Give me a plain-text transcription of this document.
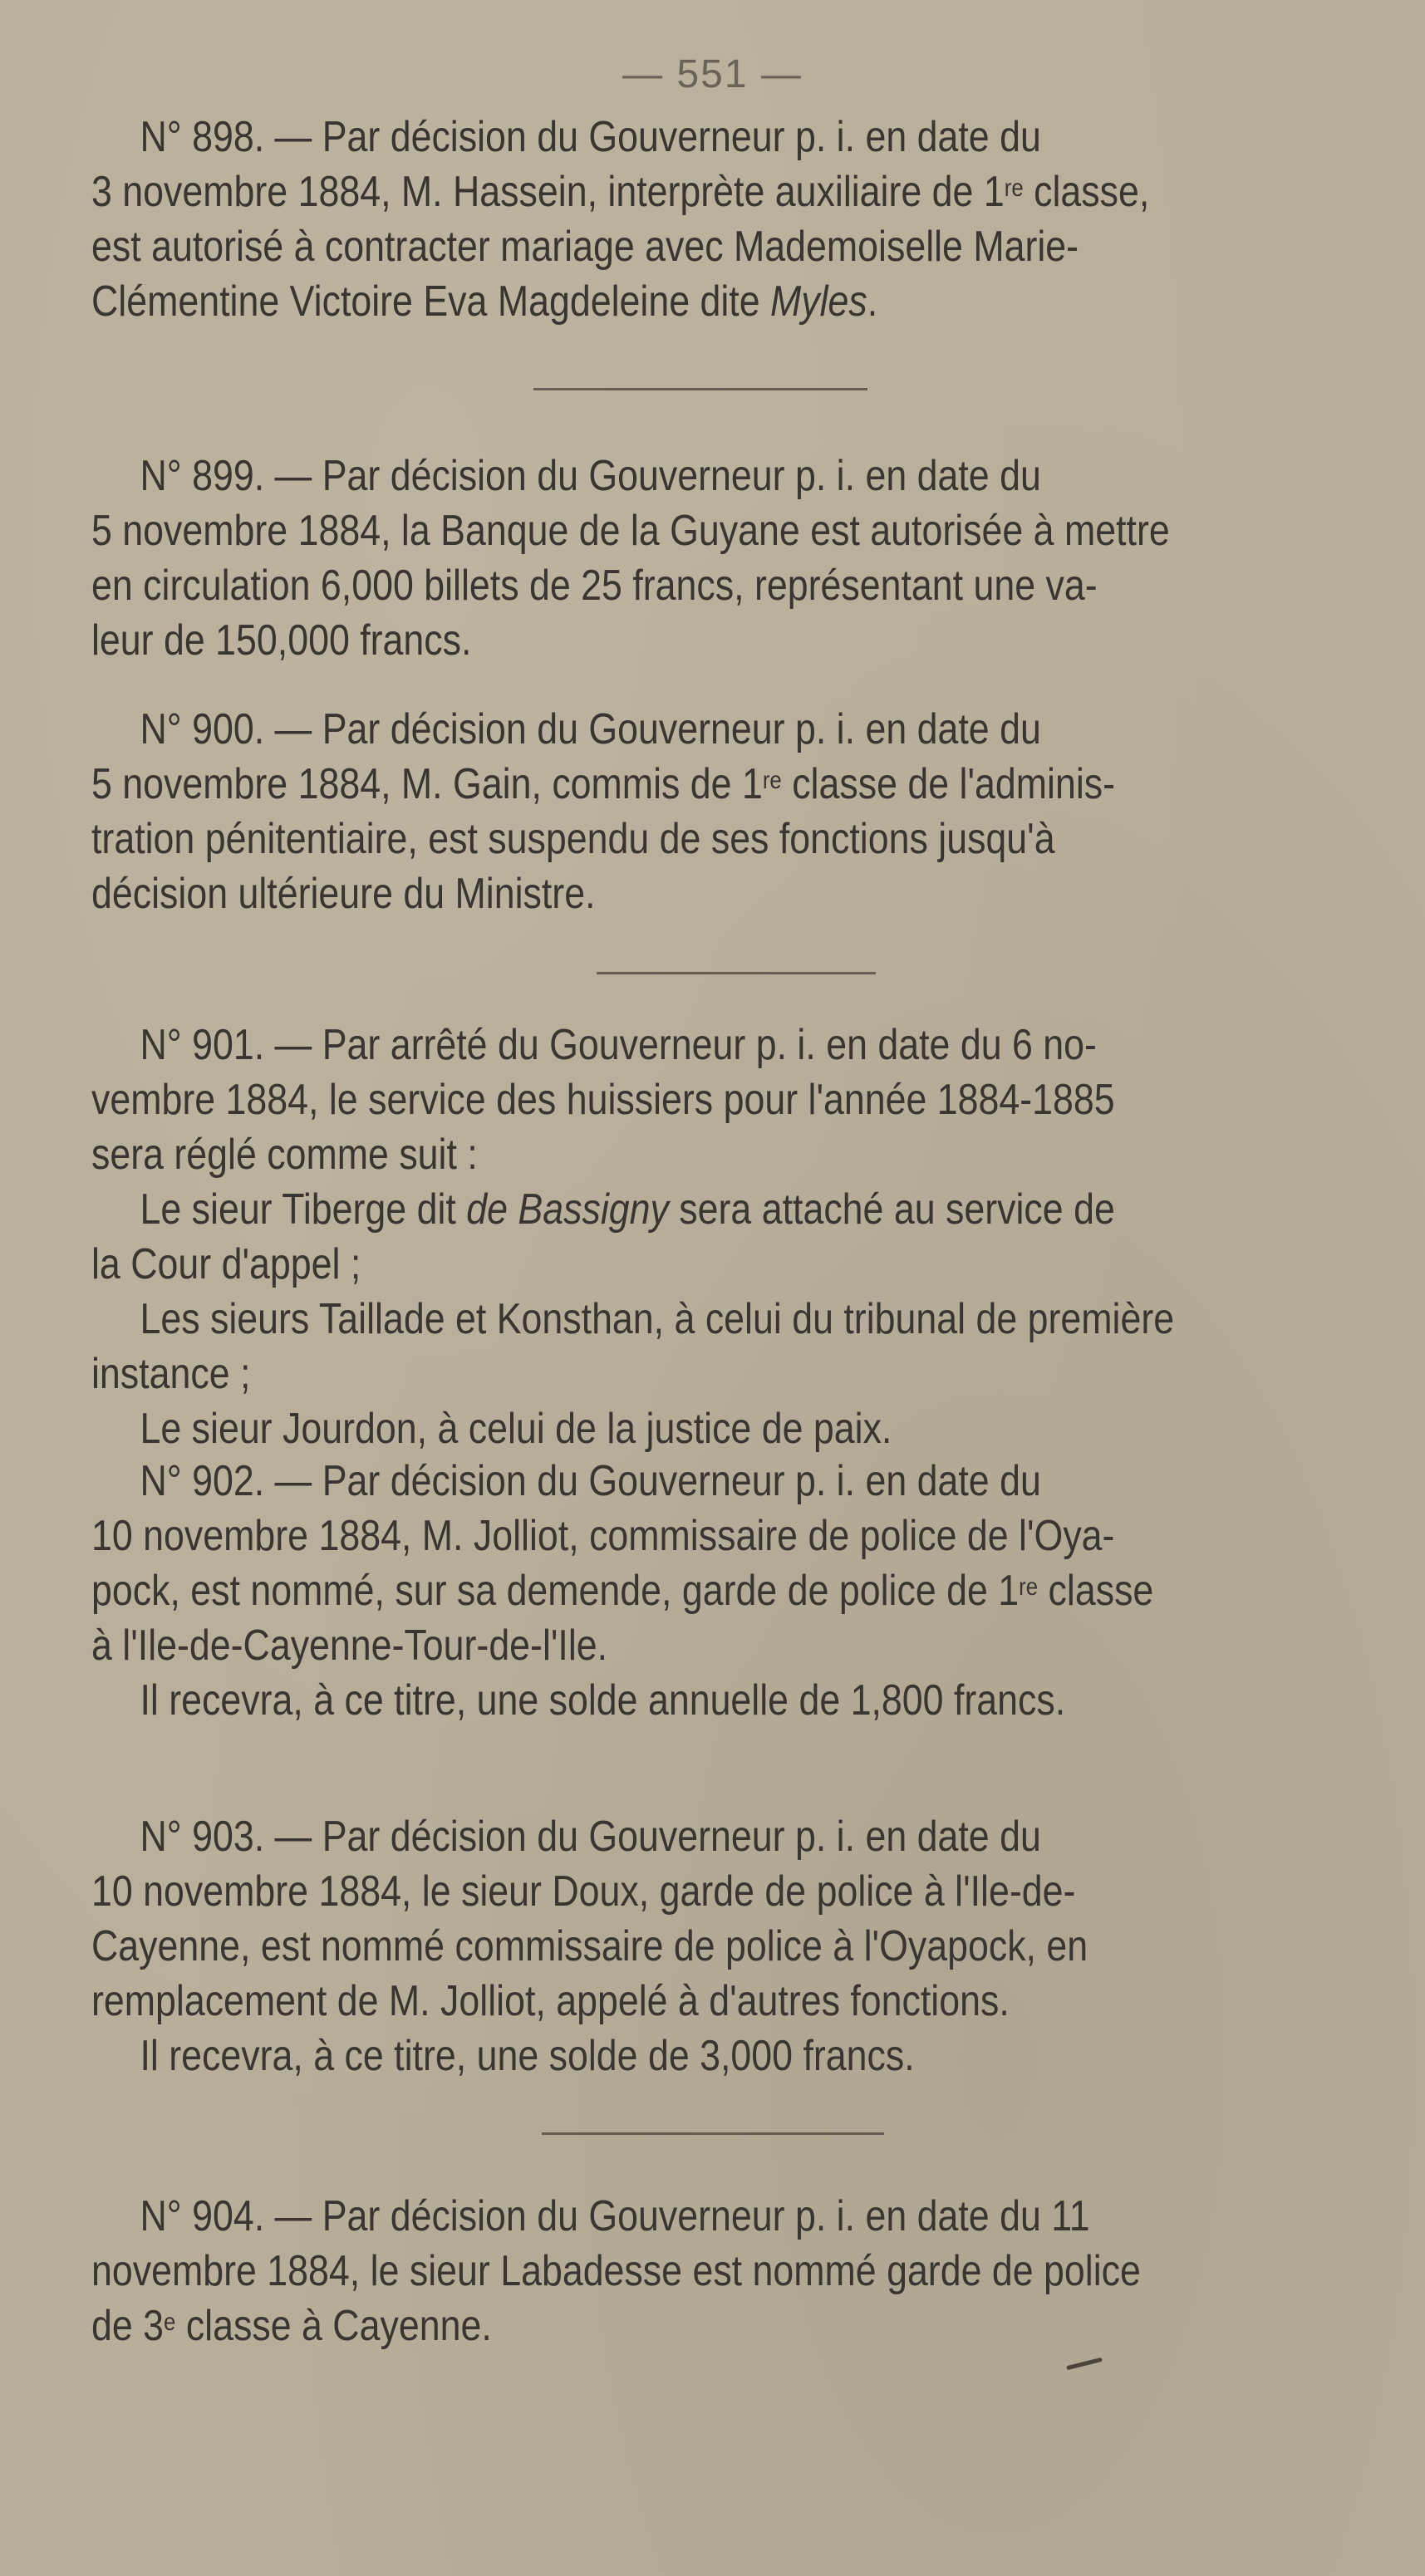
— 551 —

N° 898. — Par décision du Gouverneur p. i. en date du

3 novembre 1884, M. Hassein, interprète auxiliaire de 1re classe,

est autorisé à contracter mariage avec Mademoiselle Marie-

Clémentine Victoire Eva Magdeleine dite Myles.

N° 899. — Par décision du Gouverneur p. i. en date du

5 novembre 1884, la Banque de la Guyane est autorisée à mettre

en circulation 6,000 billets de 25 francs, représentant une va-

leur de 150,000 francs.

N° 900. — Par décision du Gouverneur p. i. en date du

5 novembre 1884, M. Gain, commis de 1re classe de l'adminis-

tration pénitentiaire, est suspendu de ses fonctions jusqu'à

décision ultérieure du Ministre.

N° 901. — Par arrêté du Gouverneur p. i. en date du 6 no-

vembre 1884, le service des huissiers pour l'année 1884-1885

sera réglé comme suit :

Le sieur Tiberge dit de Bassigny sera attaché au service de

la Cour d'appel ;

Les sieurs Taillade et Konsthan, à celui du tribunal de première

instance ;

Le sieur Jourdon, à celui de la justice de paix.

N° 902. — Par décision du Gouverneur p. i. en date du

10 novembre 1884, M. Jolliot, commissaire de police de l'Oya-

pock, est nommé, sur sa demende, garde de police de 1re classe

à l'Ile-de-Cayenne-Tour-de-l'Ile.

Il recevra, à ce titre, une solde annuelle de 1,800 francs.

N° 903. — Par décision du Gouverneur p. i. en date du

10 novembre 1884, le sieur Doux, garde de police à l'Ile-de-

Cayenne, est nommé commissaire de police à l'Oyapock, en

remplacement de M. Jolliot, appelé à d'autres fonctions.

Il recevra, à ce titre, une solde de 3,000 francs.

N° 904. — Par décision du Gouverneur p. i. en date du 11

novembre 1884, le sieur Labadesse est nommé garde de police

de 3e classe à Cayenne.
